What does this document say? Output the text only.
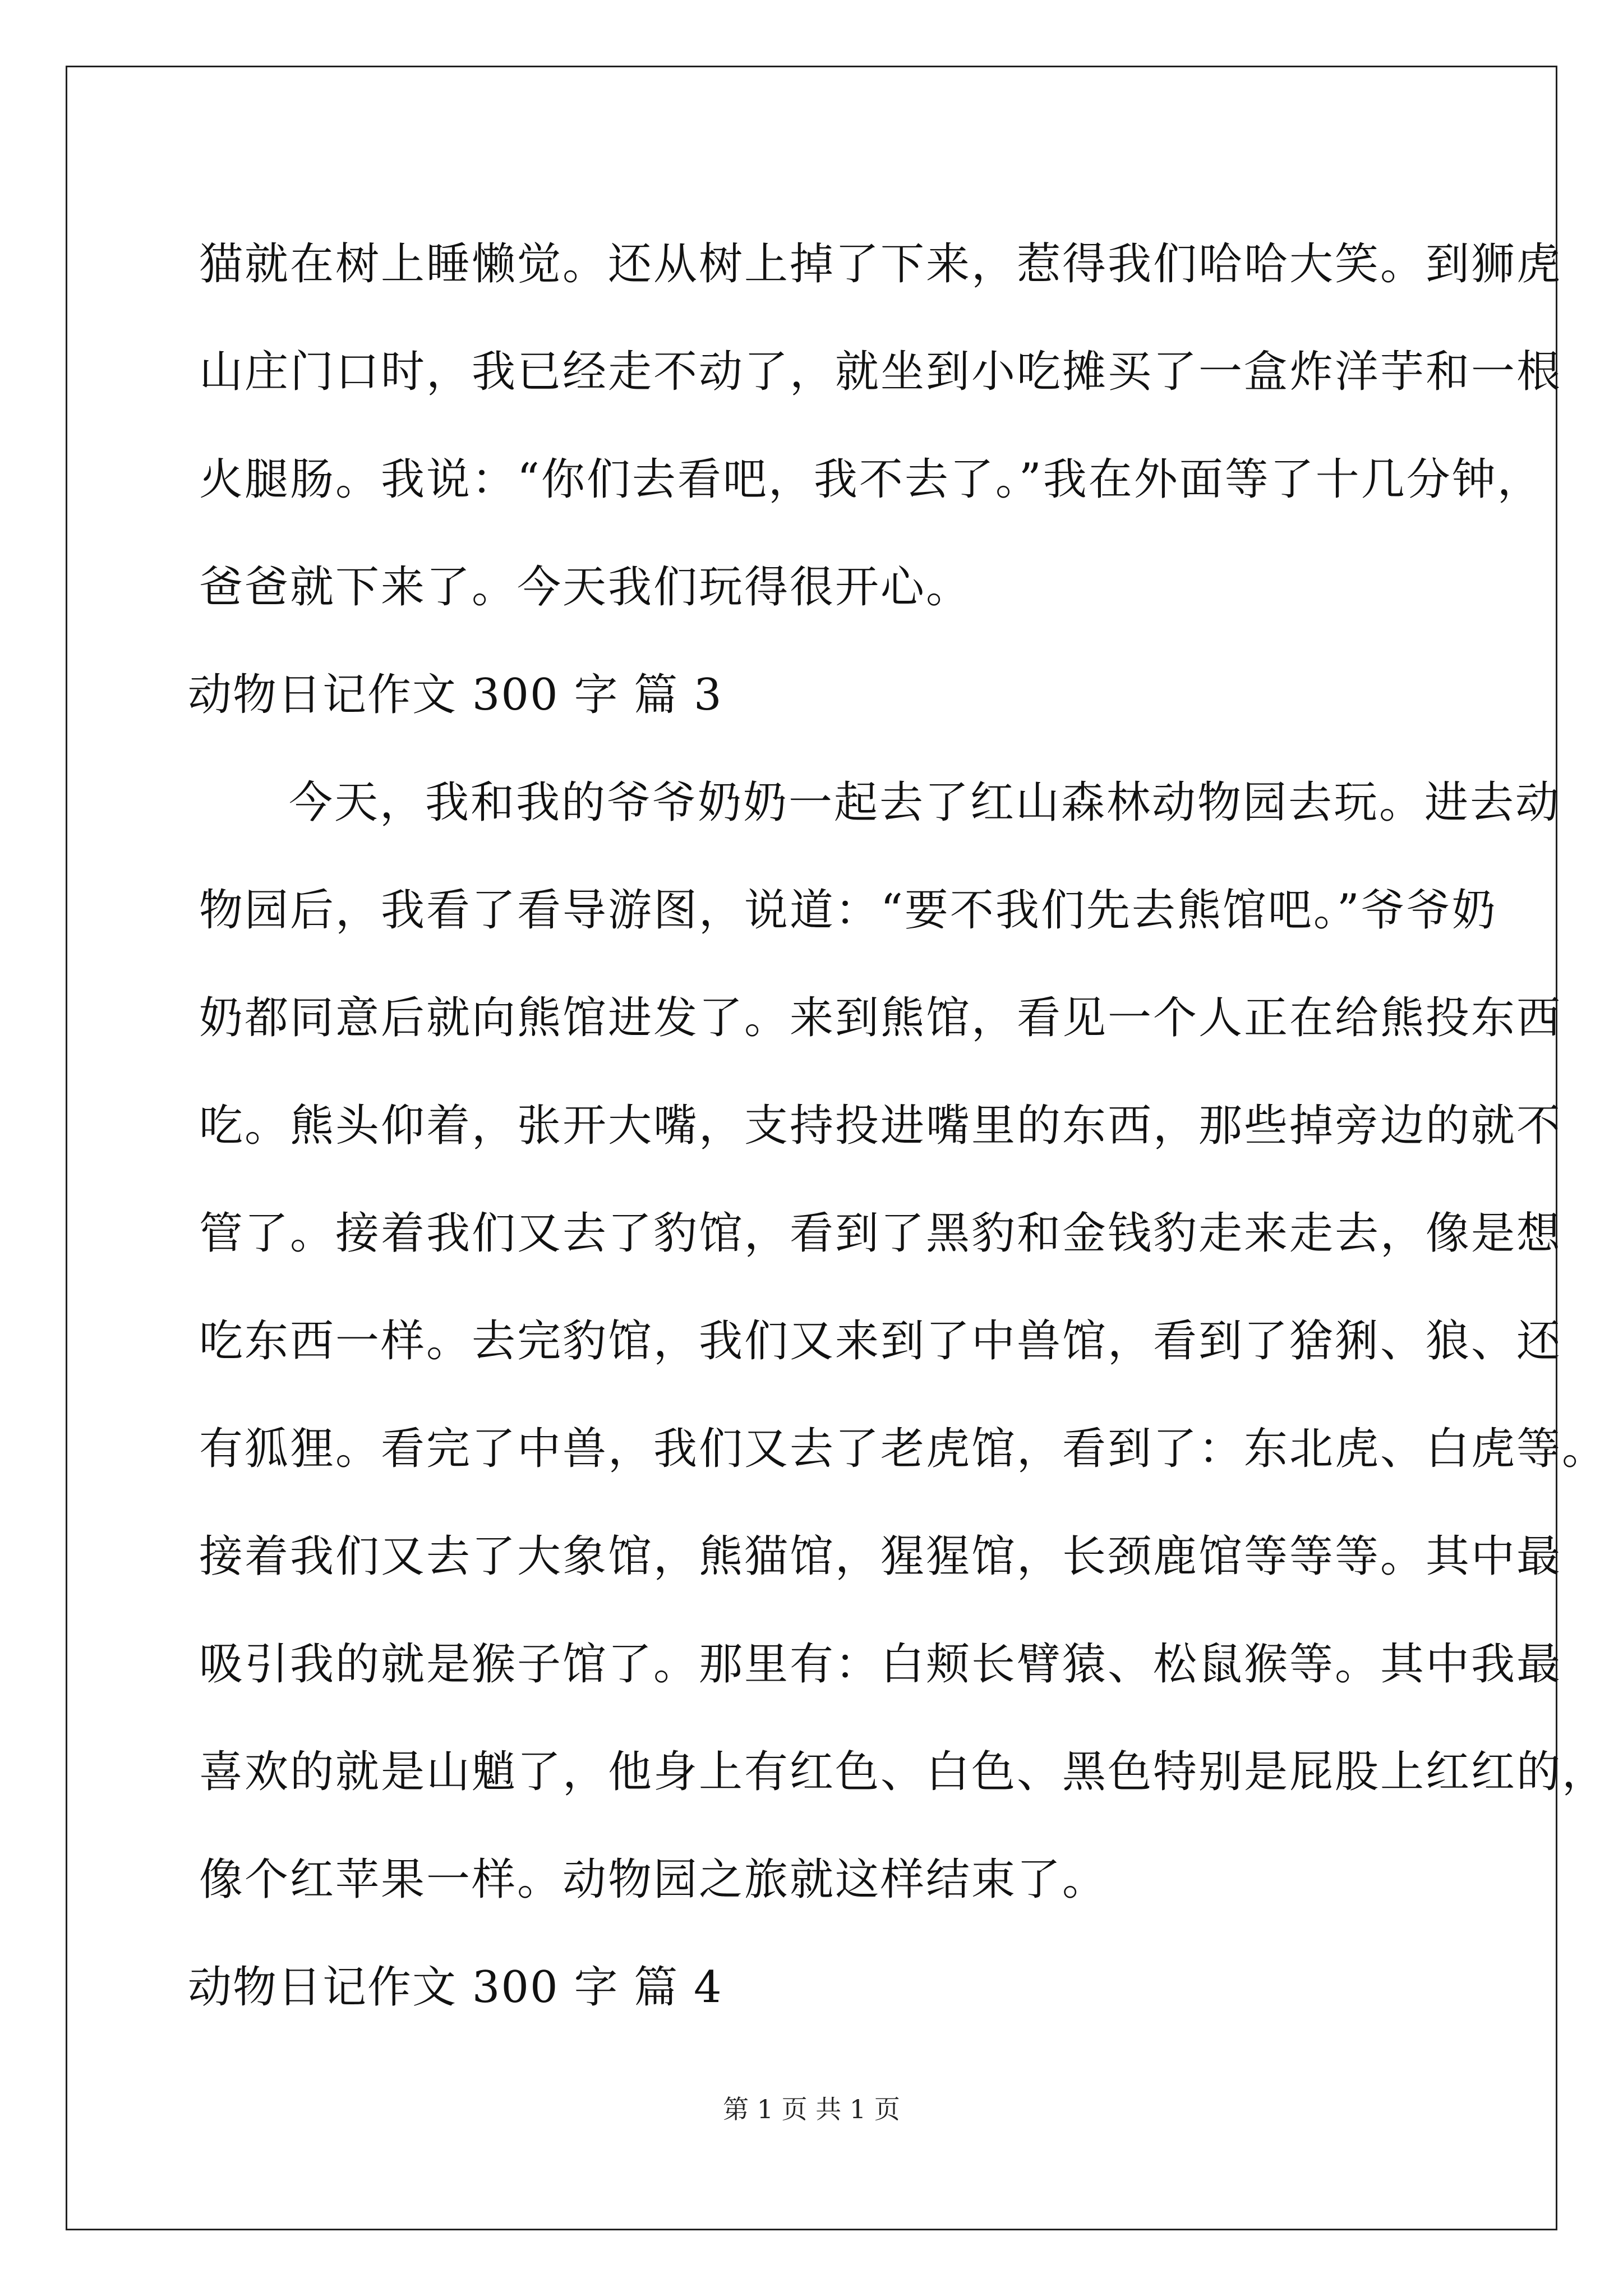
猫就在树上睡懒觉。还从树上掉了下来，惹得我们哈哈大笑。到狮虎
山庄门口时，我已经走不动了，就坐到小吃摊买了一盒炸洋芋和一根
火腿肠。我说：“你们去看吧，我不去了。”我在外面等了十几分钟，
爸爸就下来了。今天我们玩得很开心。
动物日记作文 300 字 篇 3
今天，我和我的爷爷奶奶一起去了红山森林动物园去玩。进去动
物园后，我看了看导游图，说道：“要不我们先去熊馆吧。”爷爷奶
奶都同意后就向熊馆进发了。来到熊馆，看见一个人正在给熊投东西
吃。熊头仰着，张开大嘴，支持投进嘴里的东西，那些掉旁边的就不
管了。接着我们又去了豹馆，看到了黑豹和金钱豹走来走去，像是想
吃东西一样。去完豹馆，我们又来到了中兽馆，看到了猞猁、狼、还
有狐狸。看完了中兽，我们又去了老虎馆，看到了：东北虎、白虎等。
接着我们又去了大象馆，熊猫馆，猩猩馆，长颈鹿馆等等等。其中最
吸引我的就是猴子馆了。那里有：白颊长臂猿、松鼠猴等。其中我最
喜欢的就是山魈了，他身上有红色、白色、黑色特别是屁股上红红的，
像个红苹果一样。动物园之旅就这样结束了。
动物日记作文 300 字 篇 4
第 1 页 共 1 页
